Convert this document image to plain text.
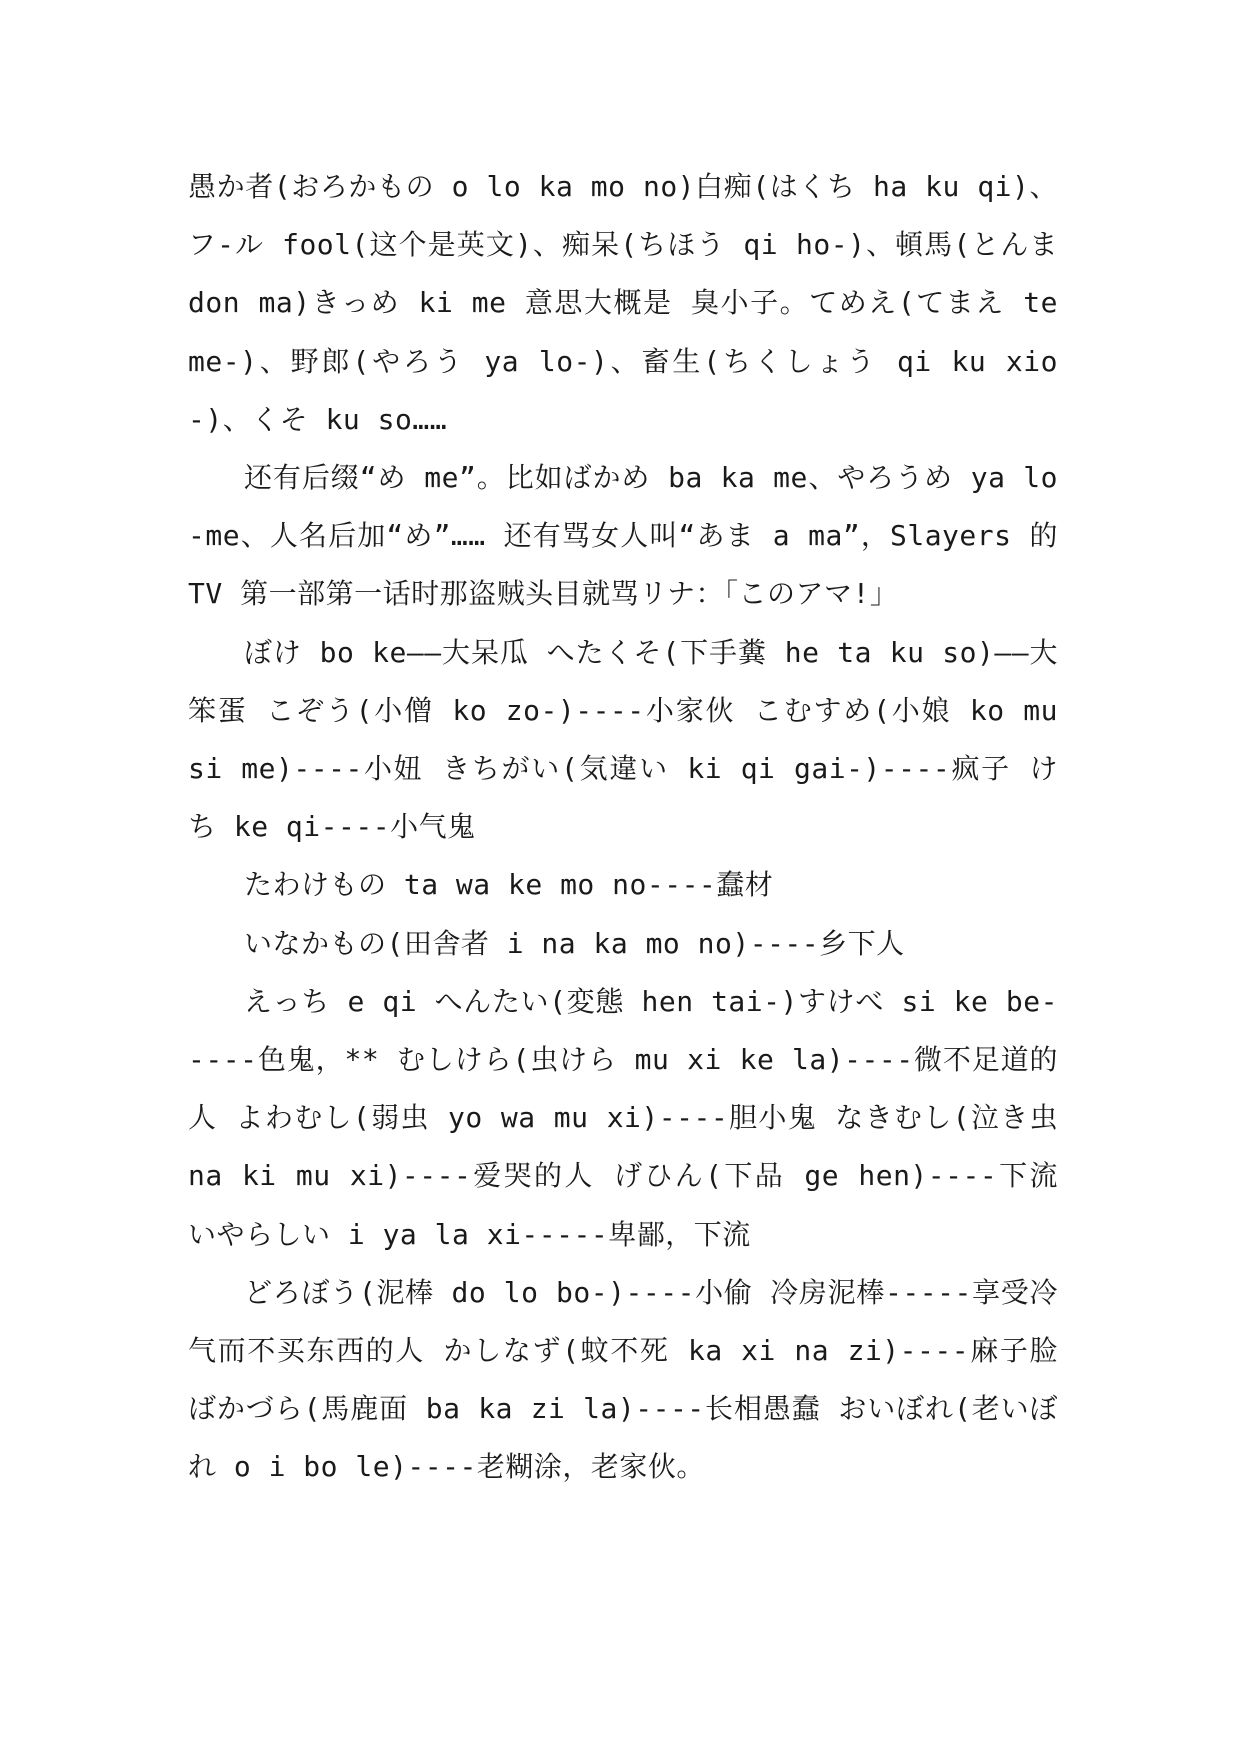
愚か者(おろかもの o lo ka mo no)白痴(はくち ha ku qi)、フ-ル fool(这个是英文)、痴呆(ちほう qi ho-)、頓馬(とんま don ma)きっめ ki me 意思大概是 臭小子。てめえ(てまえ te me-)、野郎(やろう ya lo-)、畜生(ちくしょう qi ku xio-)、くそ ku so……

还有后缀“め me”。比如ばかめ ba ka me、やろうめ ya lo-me、人名后加“め”…… 还有骂女人叫“あま a ma”，Slayers 的 TV 第一部第一话时那盗贼头目就骂リナ：「このアマ!」

ぼけ bo ke——大呆瓜 へたくそ(下手糞 he ta ku so)——大笨蛋 こぞう(小僧 ko zo-)----小家伙 こむすめ(小娘 ko mu si me)----小妞 きちがい(気違い ki qi gai-)----疯子 けち ke qi----小气鬼

たわけもの ta wa ke mo no----蠢材

いなかもの(田舎者 i na ka mo no)----乡下人

えっち e qi へんたい(変態 hen tai-)すけべ si ke be-----色鬼，** むしけら(虫けら mu xi ke la)----微不足道的人 よわむし(弱虫 yo wa mu xi)----胆小鬼 なきむし(泣き虫 na ki mu xi)----爱哭的人 げひん(下品 ge hen)----下流 いやらしい i ya la xi-----卑鄙，下流

どろぼう(泥棒 do lo bo-)----小偷 冷房泥棒-----享受冷气而不买东西的人 かしなず(蚊不死 ka xi na zi)----麻子脸 ばかづら(馬鹿面 ba ka zi la)----长相愚蠢 おいぼれ(老いぼれ o i bo le)----老糊涂，老家伙。
